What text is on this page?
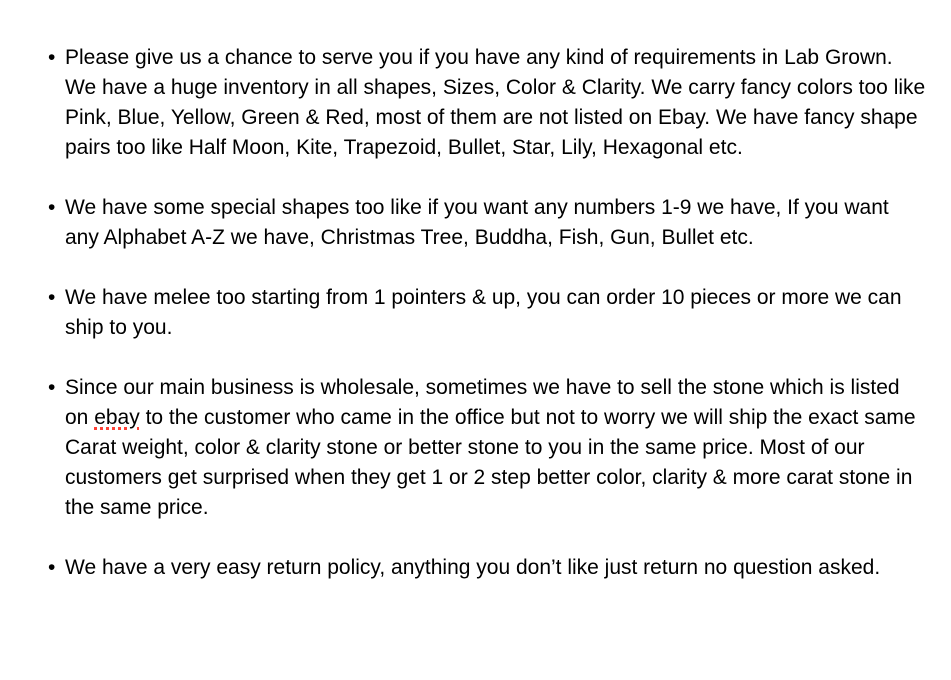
• Please give us a chance to serve you if you have any kind of requirements in Lab Grown. We have a huge inventory in all shapes, Sizes, Color & Clarity. We carry fancy colors too like Pink, Blue, Yellow, Green & Red, most of them are not listed on Ebay. We have fancy shape pairs too like Half Moon, Kite, Trapezoid, Bullet, Star, Lily, Hexagonal etc.
• We have some special shapes too like if you want any numbers 1-9 we have, If you want any Alphabet A-Z we have, Christmas Tree, Buddha, Fish, Gun, Bullet etc.
• We have melee too starting from 1 pointers & up, you can order 10 pieces or more we can ship to you.
• Since our main business is wholesale, sometimes we have to sell the stone which is listed on ebay to the customer who came in the office but not to worry we will ship the exact same Carat weight, color & clarity stone or better stone to you in the same price. Most of our customers get surprised when they get 1 or 2 step better color, clarity & more carat stone in the same price.
• We have a very easy return policy, anything you don’t like just return no question asked.
